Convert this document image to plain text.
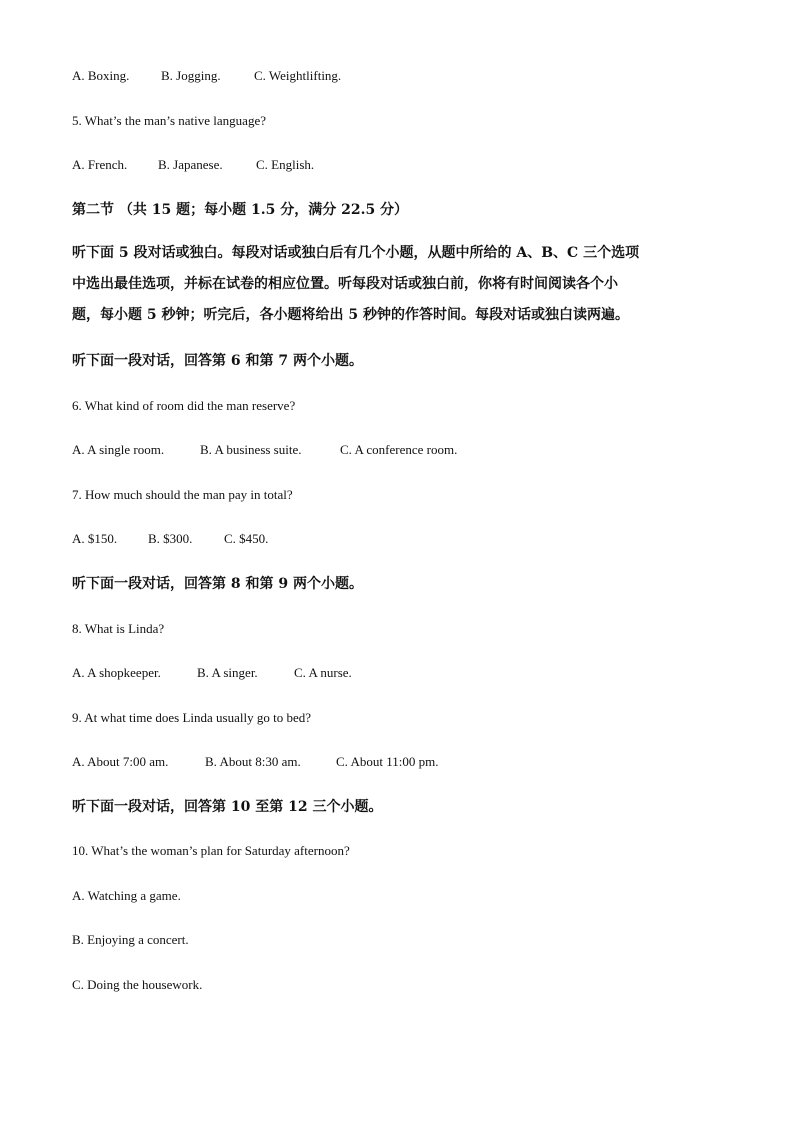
A. Boxing. B. Jogging.	C. Weightlifting.
5. What’s the man’s native language?
A. French. B. Japanese.	C. English.
第二节 （共 15 题；每小题 1.5 分，满分 22.5 分）
听下面 5 段对话或独白。每段对话或独白后有几个小题，从题中所给的 A、B、C 三个选项
中选出最佳选项，并标在试卷的相应位置。听每段对话或独白前，你将有时间阅读各个小
题，每小题 5 秒钟；听完后，各小题将给出 5 秒钟的作答时间。每段对话或独白读两遍。
听下面一段对话，回答第 6 和第 7 两个小题。
6. What kind of room did the man reserve?
A. A single room.	B. A business suite.	C. A conference room.
7. How much should the man pay in total?
A. $150. B. $300. C. $450.
听下面一段对话，回答第 8 和第 9 两个小题。
8. What is Linda?
A. A shopkeeper.	B. A singer.	C. A nurse.
9. At what time does Linda usually go to bed?
A. About 7:00 am.	B. About 8:30 am.	C. About 11:00 pm.
听下面一段对话，回答第 10 至第 12 三个小题。
10. What’s the woman’s plan for Saturday afternoon?
A. Watching a game.
B. Enjoying a concert.
C. Doing the housework.
